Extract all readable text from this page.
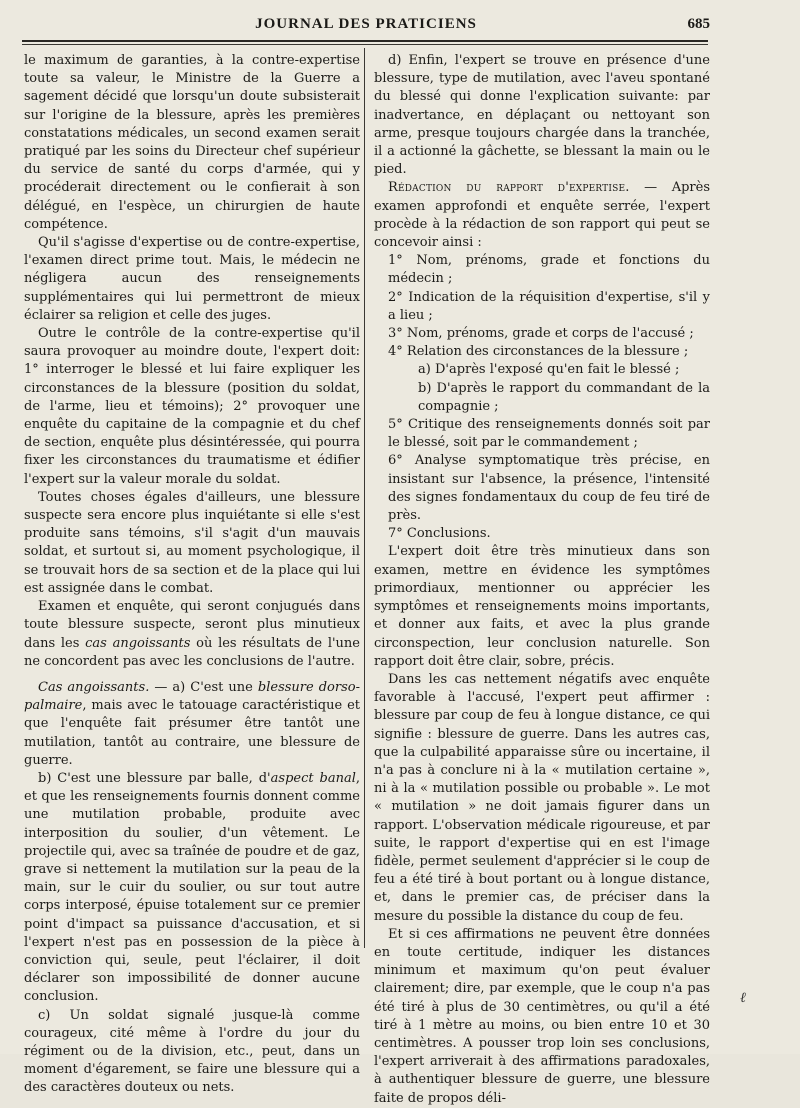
JOURNAL DES PRATICIENS	685

le maximum de garanties, à la contre-expertise toute sa valeur, le Ministre de la Guerre a sagement décidé que lorsqu'un doute subsisterait sur l'origine de la blessure, après les premières constatations médicales, un second examen serait pratiqué par les soins du Directeur chef supérieur du service de santé du corps d'armée, qui y procéderait directement ou le confierait à son délégué, en l'espèce, un chirurgien de haute compétence.

Qu'il s'agisse d'expertise ou de contre-expertise, l'examen direct prime tout. Mais, le médecin ne négligera aucun des renseignements supplémentaires qui lui permettront de mieux éclairer sa religion et celle des juges.

Outre le contrôle de la contre-expertise qu'il saura provoquer au moindre doute, l'expert doit: 1° interroger le blessé et lui faire expliquer les circonstances de la blessure (position du soldat, de l'arme, lieu et témoins); 2° provoquer une enquête du capitaine de la compagnie et du chef de section, enquête plus désintéressée, qui pourra fixer les circonstances du traumatisme et édifier l'expert sur la valeur morale du soldat.

Toutes choses égales d'ailleurs, une blessure suspecte sera encore plus inquiétante si elle s'est produite sans témoins, s'il s'agit d'un mauvais soldat, et surtout si, au moment psychologique, il se trouvait hors de sa section et de la place qui lui est assignée dans le combat.

Examen et enquête, qui seront conjugués dans toute blessure suspecte, seront plus minutieux dans les cas angoissants où les résultats de l'une ne concordent pas avec les conclusions de l'autre.

Cas angoissants. — a) C'est une blessure dorso-palmaire, mais avec le tatouage caractéristique et que l'enquête fait présumer être tantôt une mutilation, tantôt au contraire, une blessure de guerre.

b) C'est une blessure par balle, d'aspect banal, et que les renseignements fournis donnent comme une mutilation probable, produite avec interposition du soulier, d'un vêtement. Le projectile qui, avec sa traînée de poudre et de gaz, grave si nettement la mutilation sur la peau de la main, sur le cuir du soulier, ou sur tout autre corps interposé, épuise totalement sur ce premier point d'impact sa puissance d'accusation, et si l'expert n'est pas en possession de la pièce à conviction qui, seule, peut l'éclairer, il doit déclarer son impossibilité de donner aucune conclusion.

c) Un soldat signalé jusque-là comme courageux, cité même à l'ordre du jour du régiment ou de la division, etc., peut, dans un moment d'égarement, se faire une blessure qui a des caractères douteux ou nets.

d) Enfin, l'expert se trouve en présence d'une blessure, type de mutilation, avec l'aveu spontané du blessé qui donne l'explication suivante: par inadvertance, en déplaçant ou nettoyant son arme, presque toujours chargée dans la tranchée, il a actionné la gâchette, se blessant la main ou le pied.

Rédaction du rapport d'expertise. — Après examen approfondi et enquête serrée, l'expert procède à la rédaction de son rapport qui peut se concevoir ainsi :

1° Nom, prénoms, grade et fonctions du médecin ;

2° Indication de la réquisition d'expertise, s'il y a lieu ;

3° Nom, prénoms, grade et corps de l'accusé ;

4° Relation des circonstances de la blessure ;

a) D'après l'exposé qu'en fait le blessé ;

b) D'après le rapport du commandant de la compagnie ;

5° Critique des renseignements donnés soit par le blessé, soit par le commandement ;

6° Analyse symptomatique très précise, en insistant sur l'absence, la présence, l'intensité des signes fondamentaux du coup de feu tiré de près.

7° Conclusions.

L'expert doit être très minutieux dans son examen, mettre en évidence les symptômes primordiaux, mentionner ou apprécier les symptômes et renseignements moins importants, et donner aux faits, et avec la plus grande circonspection, leur conclusion naturelle. Son rapport doit être clair, sobre, précis.

Dans les cas nettement négatifs avec enquête favorable à l'accusé, l'expert peut affirmer : blessure par coup de feu à longue distance, ce qui signifie : blessure de guerre. Dans les autres cas, que la culpabilité apparaisse sûre ou incertaine, il n'a pas à conclure ni à la « mutilation certaine », ni à la « mutilation possible ou probable ». Le mot « mutilation » ne doit jamais figurer dans un rapport. L'observation médicale rigoureuse, et par suite, le rapport d'expertise qui en est l'image fidèle, permet seulement d'apprécier si le coup de feu a été tiré à bout portant ou à longue distance, et, dans le premier cas, de préciser dans la mesure du possible la distance du coup de feu.

Et si ces affirmations ne peuvent être données en toute certitude, indiquer les distances minimum et maximum qu'on peut évaluer clairement; dire, par exemple, que le coup n'a pas été tiré à plus de 30 centimètres, ou qu'il a été tiré à 1 mètre au moins, ou bien entre 10 et 30 centimètres. A pousser trop loin ses conclusions, l'expert arriverait à des affirmations paradoxales, à authentiquer blessure de guerre, une blessure faite de propos déli-

ℓ
